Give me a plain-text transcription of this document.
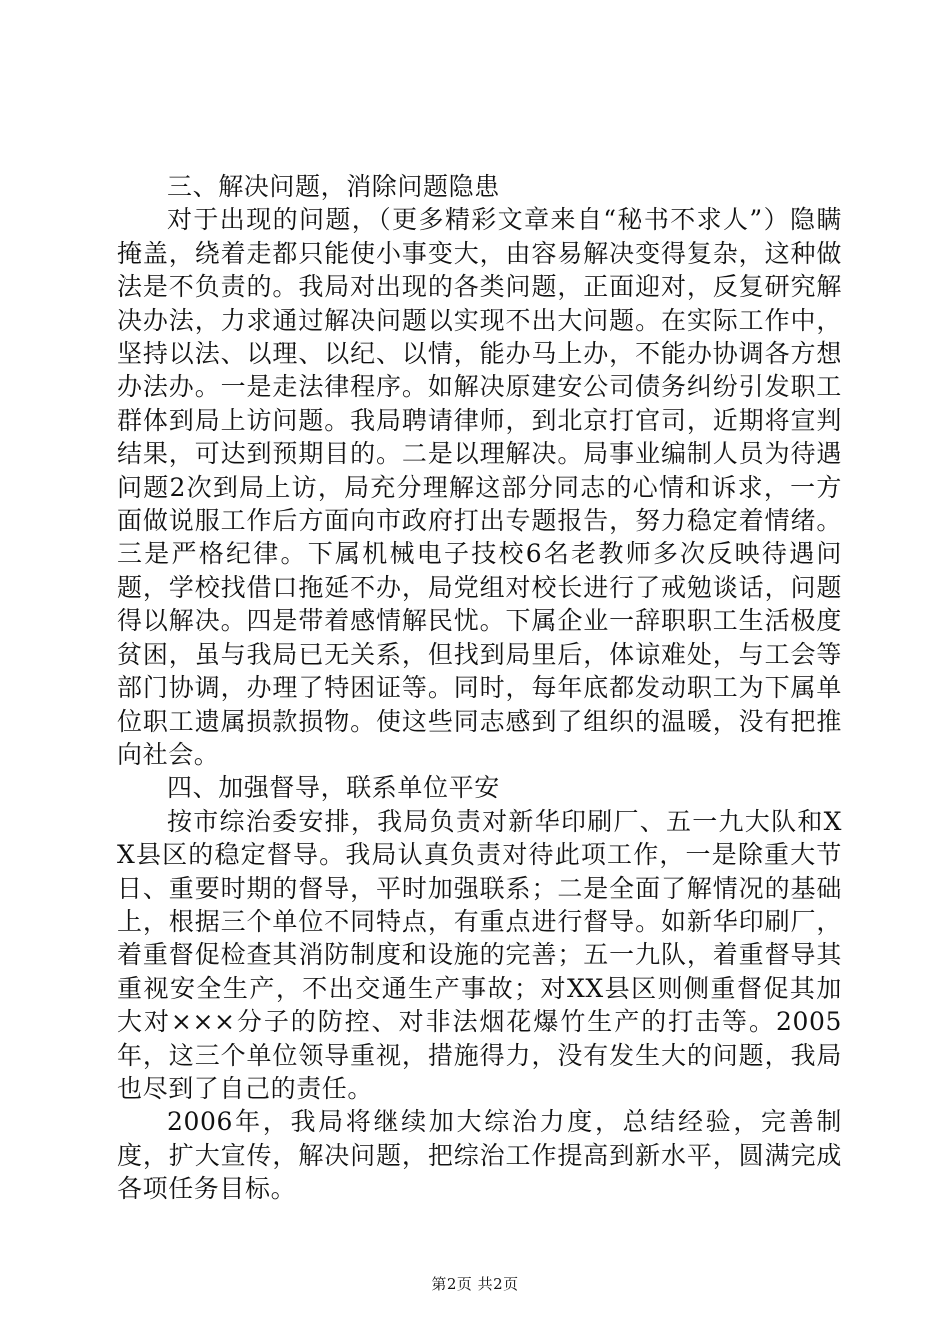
三、解决问题，消除问题隐患

对于出现的问题，（更多精彩文章来自“秘书不求人”）隐瞒掩盖，绕着走都只能使小事变大，由容易解决变得复杂，这种做法是不负责的。我局对出现的各类问题，正面迎对，反复研究解决办法，力求通过解决问题以实现不出大问题。在实际工作中，坚持以法、以理、以纪、以情，能办马上办，不能办协调各方想办法办。一是走法律程序。如解决原建安公司债务纠纷引发职工群体到局上访问题。我局聘请律师，到北京打官司，近期将宣判结果，可达到预期目的。二是以理解决。局事业编制人员为待遇问题2次到局上访，局充分理解这部分同志的心情和诉求，一方面做说服工作后方面向市政府打出专题报告，努力稳定着情绪。三是严格纪律。下属机械电子技校6名老教师多次反映待遇问题，学校找借口拖延不办，局党组对校长进行了戒勉谈话，问题得以解决。四是带着感情解民忧。下属企业一辞职职工生活极度贫困，虽与我局已无关系，但找到局里后，体谅难处，与工会等部门协调，办理了特困证等。同时，每年底都发动职工为下属单位职工遗属损款损物。使这些同志感到了组织的温暖，没有把推向社会。

四、加强督导，联系单位平安

按市综治委安排，我局负责对新华印刷厂、五一九大队和XX县区的稳定督导。我局认真负责对待此项工作，一是除重大节日、重要时期的督导，平时加强联系；二是全面了解情况的基础上，根据三个单位不同特点，有重点进行督导。如新华印刷厂，着重督促检查其消防制度和设施的完善；五一九队，着重督导其重视安全生产，不出交通生产事故；对XX县区则侧重督促其加大对×××分子的防控、对非法烟花爆竹生产的打击等。2005年，这三个单位领导重视，措施得力，没有发生大的问题，我局也尽到了自己的责任。

2006年，我局将继续加大综治力度，总结经验，完善制度，扩大宣传，解决问题，把综治工作提高到新水平，圆满完成各项任务目标。

第2页 共2页
